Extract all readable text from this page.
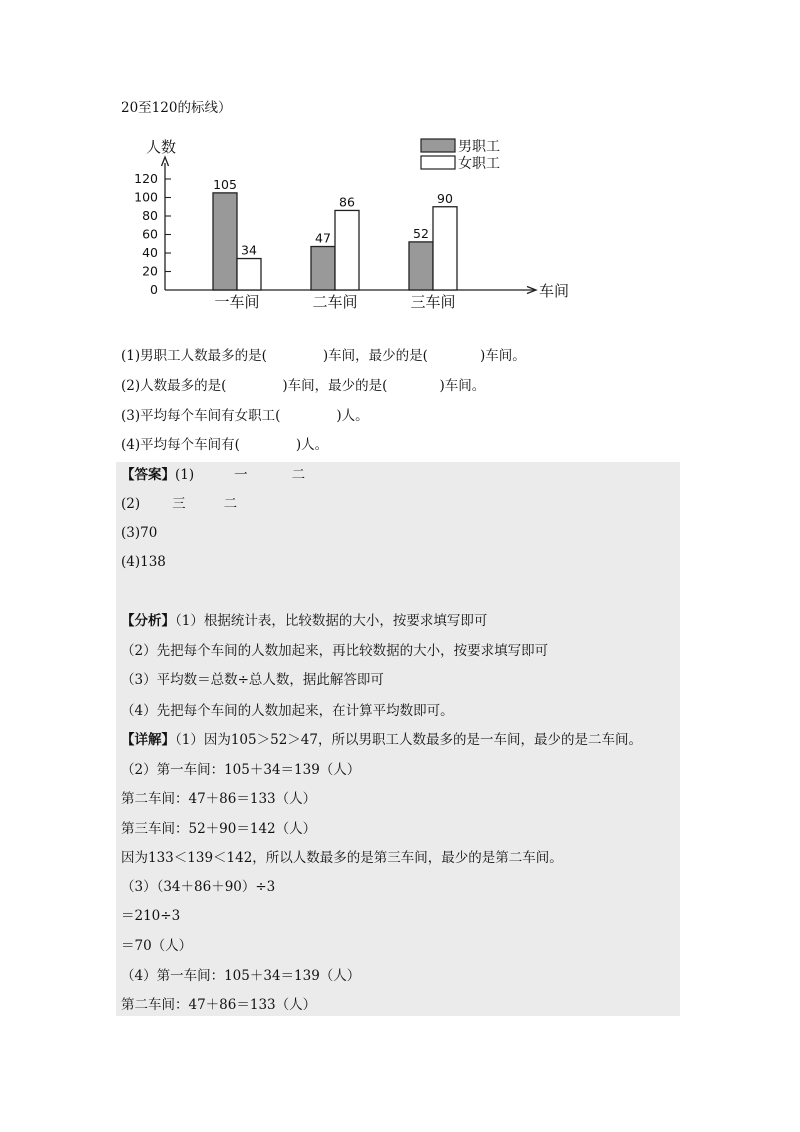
20至120的标线）

人数
车间
0
20
40
60
80
100
120	105
47	52
34
86	90
一车间	二车间	三车间
男职工
女职工

(1)男职工人数最多的是(	)车间，最少的是(	)车间。

(2)人数最多的是(	)车间，最少的是(	)车间。

(3)平均每个车间有女职工(	)人。

(4)平均每个车间有(	)人。

【答案】(1)	一	二

(2) 三	二

(3)70

(4)138

【分析】（1）根据统计表，比较数据的大小，按要求填写即可

（2）先把每个车间的人数加起来，再比较数据的大小，按要求填写即可

（3）平均数＝总数÷总人数，据此解答即可

（4）先把每个车间的人数加起来，在计算平均数即可。

【详解】（1）因为105＞52＞47，所以男职工人数最多的是一车间，最少的是二车间。

（2）第一车间：105＋34＝139（人）

第二车间：47＋86＝133（人）

第三车间：52＋90＝142（人）

因为133＜139＜142，所以人数最多的是第三车间，最少的是第二车间。

（3）（34＋86＋90）÷3

＝210÷3

＝70（人）

（4）第一车间：105＋34＝139（人）

第二车间：47＋86＝133（人）
